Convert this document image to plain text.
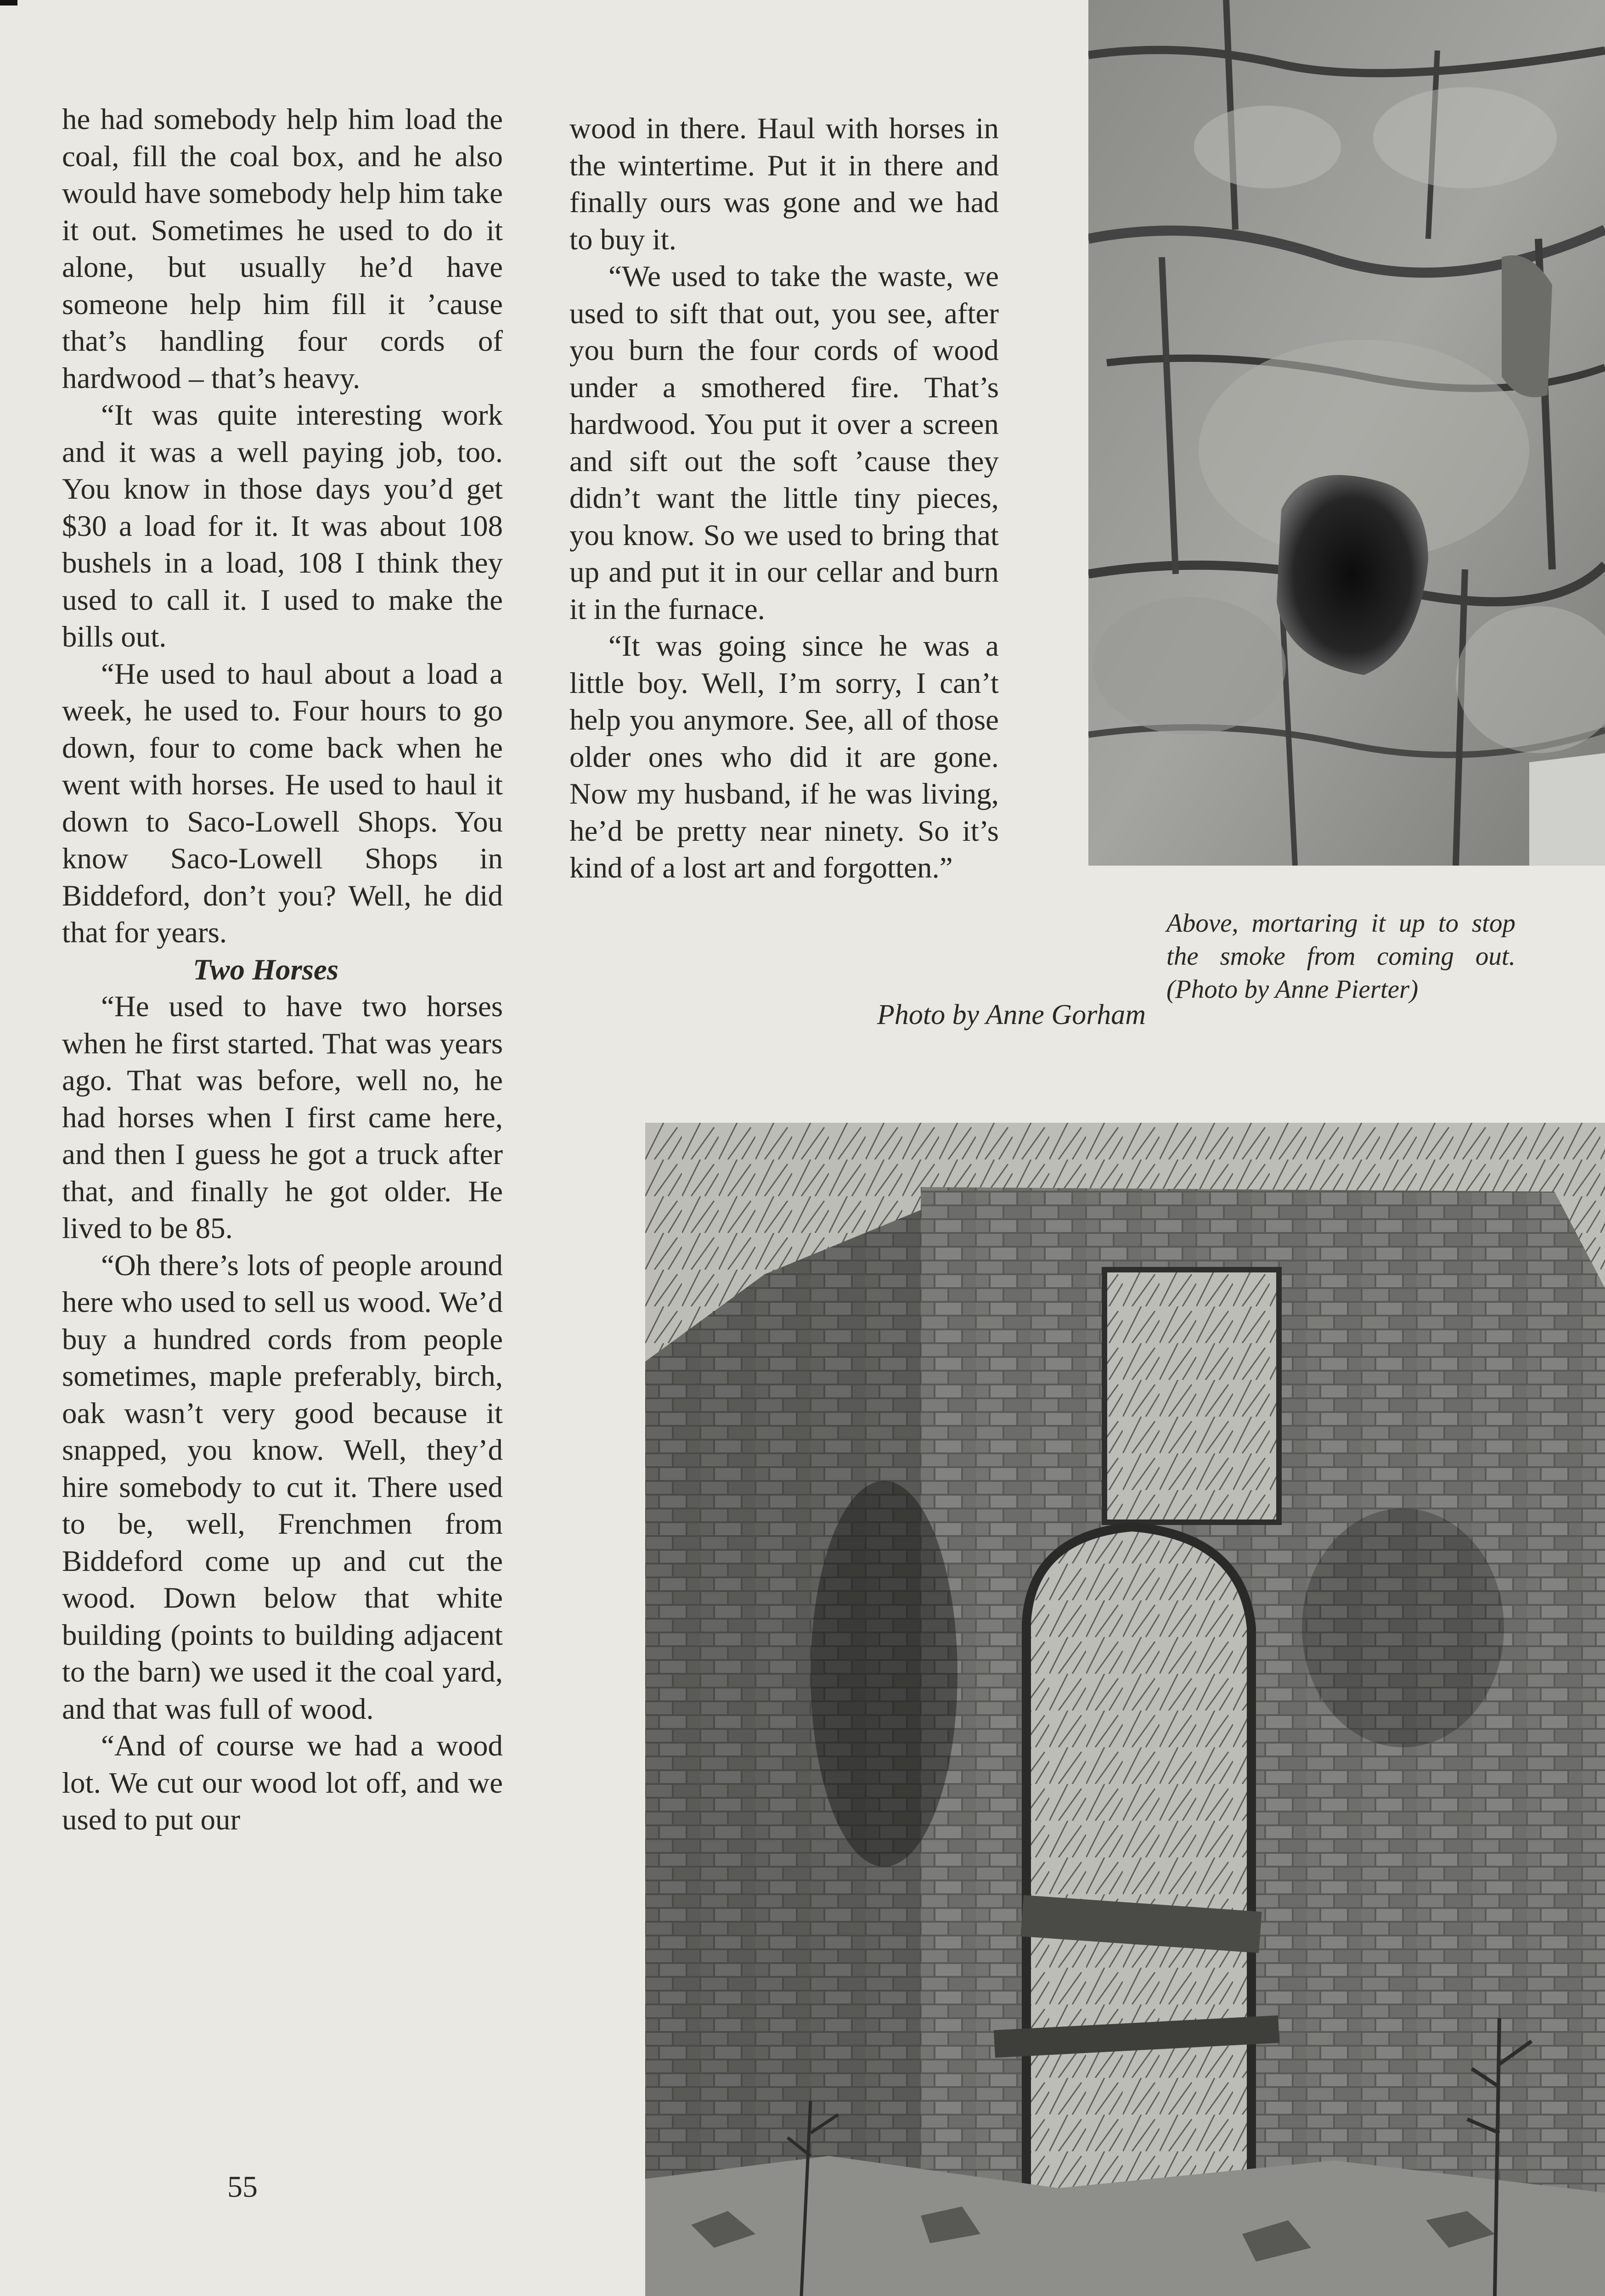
he had somebody help him load the coal, fill the coal box, and he also would have somebody help him take it out. Sometimes he used to do it alone, but usually he’d have someone help him fill it ’cause that’s handling four cords of hardwood – that’s heavy.

“It was quite interesting work and it was a well paying job, too. You know in those days you’d get $30 a load for it. It was about 108 bushels in a load, 108 I think they used to call it. I used to make the bills out.

“He used to haul about a load a week, he used to. Four hours to go down, four to come back when he went with horses. He used to haul it down to Saco-Lowell Shops. You know Saco-Lowell Shops in Biddeford, don’t you? Well, he did that for years.

Two Horses

“He used to have two horses when he first started. That was years ago. That was before, well no, he had horses when I first came here, and then I guess he got a truck after that, and finally he got older. He lived to be 85.

“Oh there’s lots of people around here who used to sell us wood. We’d buy a hundred cords from people sometimes, maple preferably, birch, oak wasn’t very good because it snapped, you know. Well, they’d hire somebody to cut it. There used to be, well, Frenchmen from Biddeford come up and cut the wood. Down below that white building (points to building adjacent to the barn) we used it the coal yard, and that was full of wood.

“And of course we had a wood lot. We cut our wood lot off, and we used to put our

wood in there. Haul with horses in the wintertime. Put it in there and finally ours was gone and we had to buy it.

“We used to take the waste, we used to sift that out, you see, after you burn the four cords of wood under a smothered fire. That’s hardwood. You put it over a screen and sift out the soft ’cause they didn’t want the little tiny pieces, you know. So we used to bring that up and put it in our cellar and burn it in the furnace.

“It was going since he was a little boy. Well, I’m sorry, I can’t help you anymore. See, all of those older ones who did it are gone. Now my husband, if he was living, he’d be pretty near ninety. So it’s kind of a lost art and forgotten.”

Photo by Anne Gorham
Above, mortaring it up to stop the smoke from coming out. (Photo by Anne Pierter)
55
